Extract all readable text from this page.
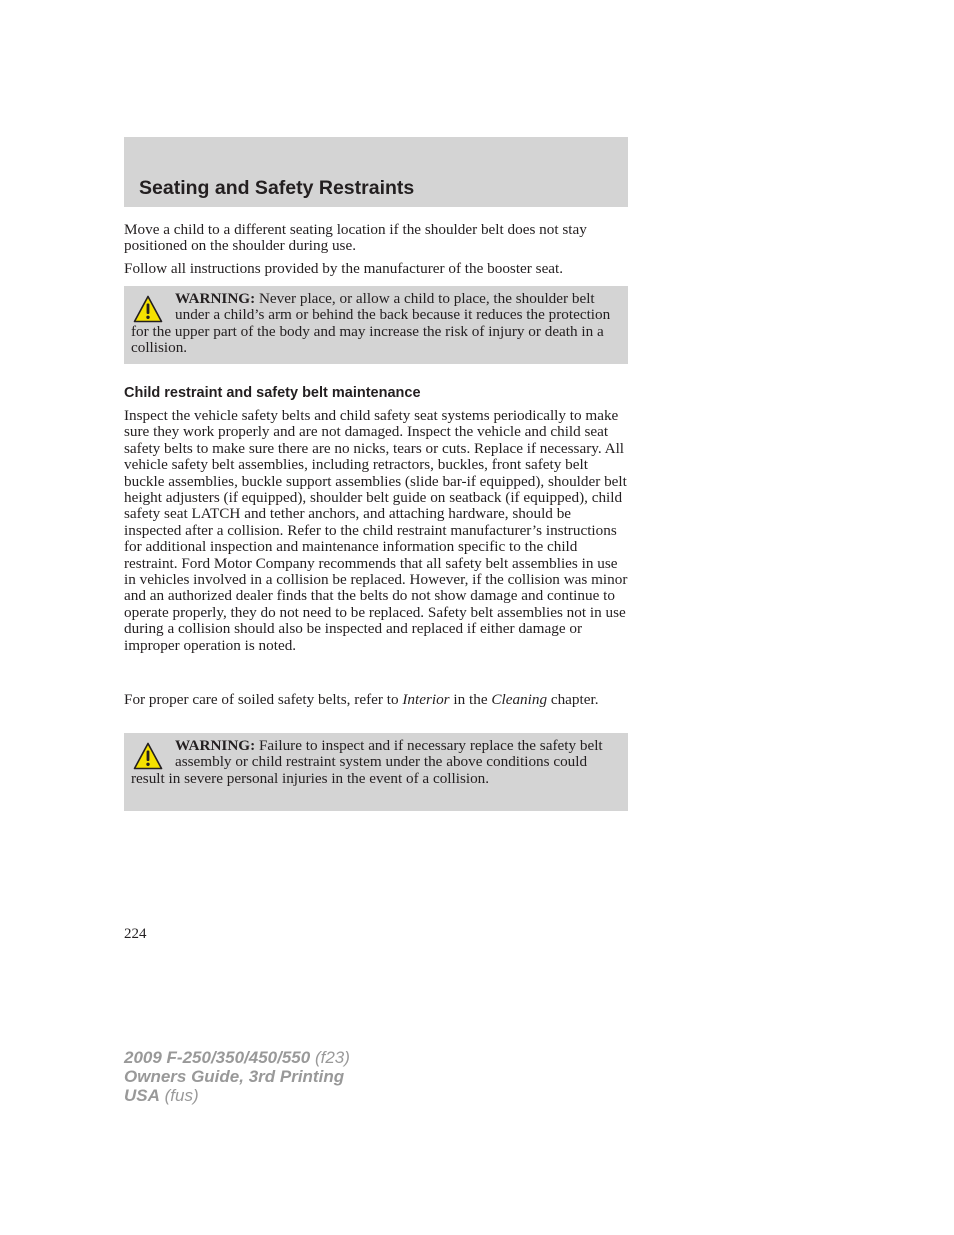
Seating and Safety Restraints

Move a child to a different seating location if the shoulder belt does not stay positioned on the shoulder during use.

Follow all instructions provided by the manufacturer of the booster seat.

WARNING: Never place, or allow a child to place, the shoulder belt under a child’s arm or behind the back because it reduces the protection for the upper part of the body and may increase the risk of injury or death in a collision.

Child restraint and safety belt maintenance

Inspect the vehicle safety belts and child safety seat systems periodically to make sure they work properly and are not damaged. Inspect the vehicle and child seat safety belts to make sure there are no nicks, tears or cuts. Replace if necessary. All vehicle safety belt assemblies, including retractors, buckles, front safety belt buckle assemblies, buckle support assemblies (slide bar-if equipped), shoulder belt height adjusters (if equipped), shoulder belt guide on seatback (if equipped), child safety seat LATCH and tether anchors, and attaching hardware, should be inspected after a collision. Refer to the child restraint manufacturer’s instructions for additional inspection and maintenance information specific to the child restraint. Ford Motor Company recommends that all safety belt assemblies in use in vehicles involved in a collision be replaced. However, if the collision was minor and an authorized dealer finds that the belts do not show damage and continue to operate properly, they do not need to be replaced. Safety belt assemblies not in use during a collision should also be inspected and replaced if either damage or improper operation is noted.

For proper care of soiled safety belts, refer to Interior in the Cleaning chapter.

WARNING: Failure to inspect and if necessary replace the safety belt assembly or child restraint system under the above conditions could result in severe personal injuries in the event of a collision.

224
2009 F-250/350/450/550 (f23)
Owners Guide, 3rd Printing
USA (fus)
